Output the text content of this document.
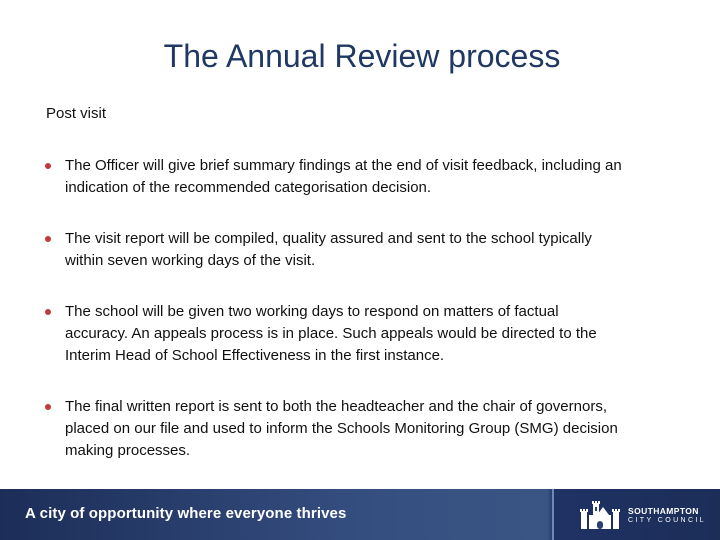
The Annual Review process
Post visit
The Officer will give brief summary findings at the end of visit feedback, including an indication of the recommended categorisation decision.
The visit report will be compiled, quality assured and sent to the school typically within seven working days of the visit.
The school will be given two working days to respond on matters of factual accuracy. An appeals process is in place. Such appeals would be directed to the Interim Head of School Effectiveness in the first instance.
The final written report is sent to both the headteacher and the chair of governors, placed on our file and used to inform the Schools Monitoring Group (SMG) decision making processes.
A city of opportunity where everyone thrives	SOUTHAMPTON
CITY COUNCIL
